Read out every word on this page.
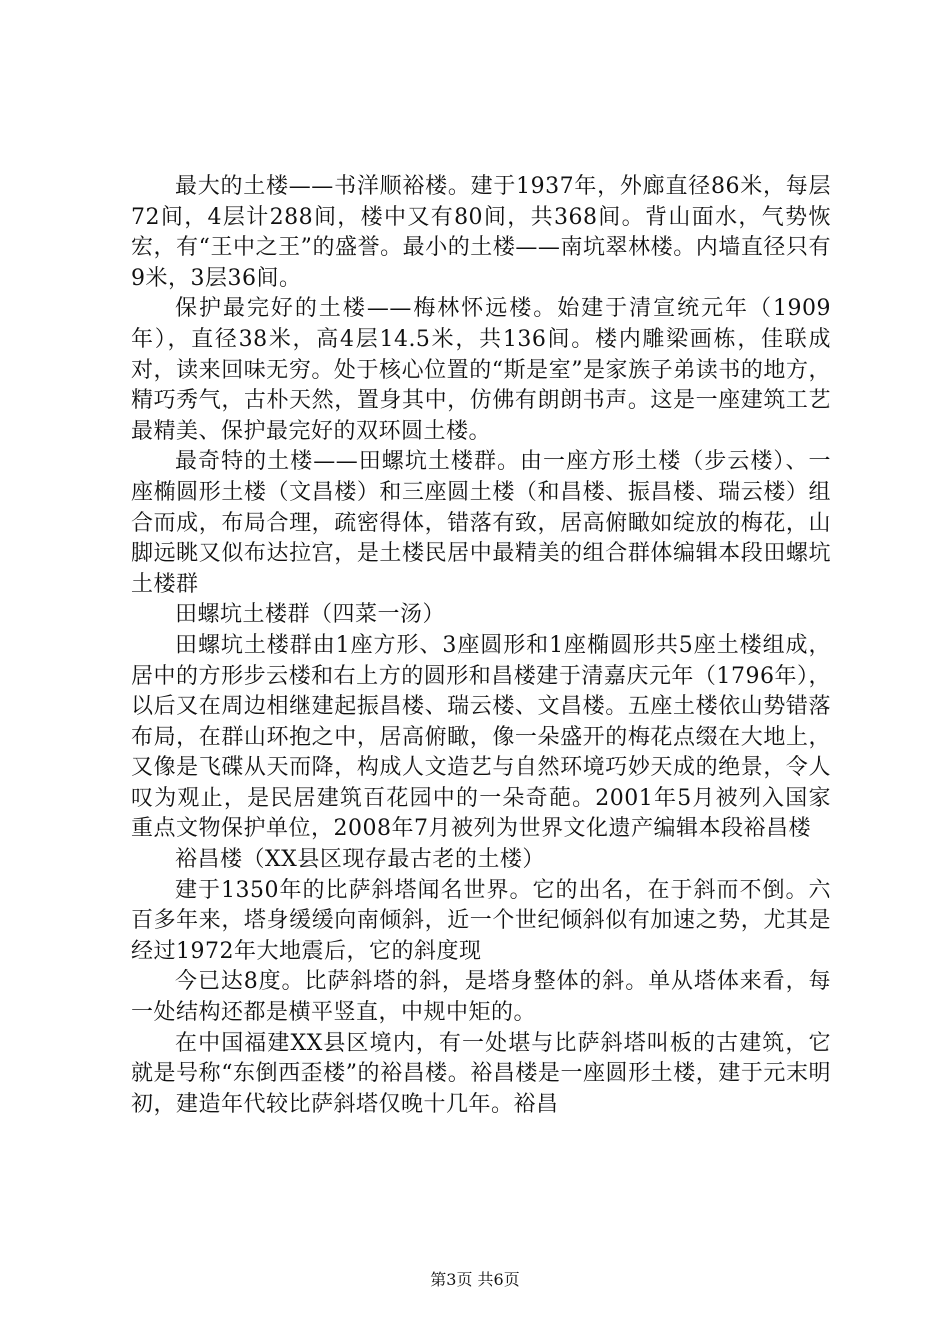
最大的土楼——书洋顺裕楼。建于1937年，外廊直径86米，每层72间，4层计288间，楼中又有80间，共368间。背山面水，气势恢宏，有“王中之王”的盛誉。最小的土楼——南坑翠林楼。内墙直径只有9米，3层36间。

保护最完好的土楼——梅林怀远楼。始建于清宣统元年（1909年），直径38米，高4层14.5米，共136间。楼内雕梁画栋，佳联成对，读来回味无穷。处于核心位置的“斯是室”是家族子弟读书的地方，精巧秀气，古朴天然，置身其中，仿佛有朗朗书声。这是一座建筑工艺最精美、保护最完好的双环圆土楼。

最奇特的土楼——田螺坑土楼群。由一座方形土楼（步云楼）、一座椭圆形土楼（文昌楼）和三座圆土楼（和昌楼、振昌楼、瑞云楼）组合而成，布局合理，疏密得体，错落有致，居高俯瞰如绽放的梅花，山脚远眺又似布达拉宫，是土楼民居中最精美的组合群体编辑本段田螺坑土楼群

田螺坑土楼群（四菜一汤）

田螺坑土楼群由1座方形、3座圆形和1座椭圆形共5座土楼组成，居中的方形步云楼和右上方的圆形和昌楼建于清嘉庆元年（1796年），以后又在周边相继建起振昌楼、瑞云楼、文昌楼。五座土楼依山势错落布局，在群山环抱之中，居高俯瞰，像一朵盛开的梅花点缀在大地上，又像是飞碟从天而降，构成人文造艺与自然环境巧妙天成的绝景，令人叹为观止，是民居建筑百花园中的一朵奇葩。2001年5月被列入国家重点文物保护单位，2008年7月被列为世界文化遗产编辑本段裕昌楼

裕昌楼（XX县区现存最古老的土楼）

建于1350年的比萨斜塔闻名世界。它的出名，在于斜而不倒。六百多年来，塔身缓缓向南倾斜，近一个世纪倾斜似有加速之势，尤其是经过1972年大地震后，它的斜度现

今已达8度。比萨斜塔的斜，是塔身整体的斜。单从塔体来看，每一处结构还都是横平竖直，中规中矩的。

在中国福建XX县区境内，有一处堪与比萨斜塔叫板的古建筑，它就是号称“东倒西歪楼”的裕昌楼。裕昌楼是一座圆形土楼，建于元末明初，建造年代较比萨斜塔仅晚十几年。裕昌

第3页 共6页
